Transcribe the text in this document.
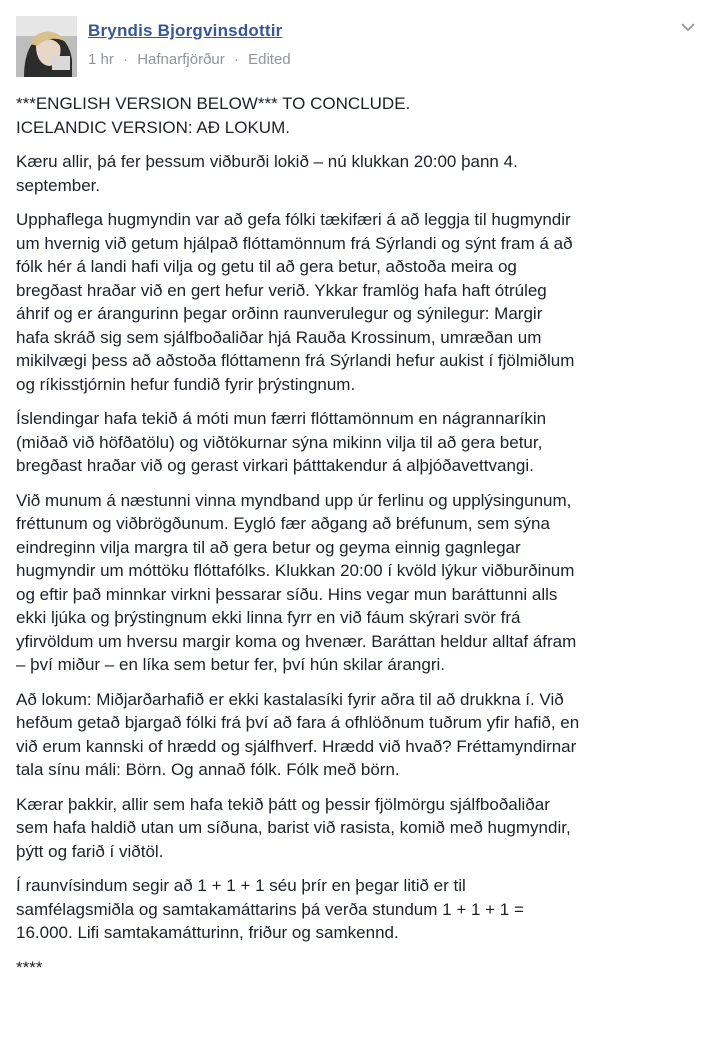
Bryndis Bjorgvinsdottir
1 hr · Hafnarfjörður · Edited

***ENGLISH VERSION BELOW*** TO CONCLUDE.
ICELANDIC VERSION: AÐ LOKUM.

Kæru allir, þá fer þessum viðburði lokið – nú klukkan 20:00 þann 4.
september.

Upphaflega hugmyndin var að gefa fólki tækifæri á að leggja til hugmyndir
um hvernig við getum hjálpað flóttamönnum frá Sýrlandi og sýnt fram á að
fólk hér á landi hafi vilja og getu til að gera betur, aðstoða meira og
bregðast hraðar við en gert hefur verið. Ykkar framlög hafa haft ótrúleg
áhrif og er árangurinn þegar orðinn raunverulegur og sýnilegur: Margir
hafa skráð sig sem sjálfboðaliðar hjá Rauða Krossinum, umræðan um
mikilvægi þess að aðstoða flóttamenn frá Sýrlandi hefur aukist í fjölmiðlum
og ríkisstjórnin hefur fundið fyrir þrýstingnum.

Íslendingar hafa tekið á móti mun færri flóttamönnum en nágrannaríkin
(miðað við höfðatölu) og viðtökurnar sýna mikinn vilja til að gera betur,
bregðast hraðar við og gerast virkari þátttakendur á alþjóðavettvangi.

Við munum á næstunni vinna myndband upp úr ferlinu og upplýsingunum,
fréttunum og viðbrögðunum. Eygló fær aðgang að bréfunum, sem sýna
eindreginn vilja margra til að gera betur og geyma einnig gagnlegar
hugmyndir um móttöku flóttafólks. Klukkan 20:00 í kvöld lýkur viðburðinum
og eftir það minnkar virkni þessarar síðu. Hins vegar mun baráttunni alls
ekki ljúka og þrýstingnum ekki linna fyrr en við fáum skýrari svör frá
yfirvöldum um hversu margir koma og hvenær. Baráttan heldur alltaf áfram
– því miður – en líka sem betur fer, því hún skilar árangri.

Að lokum: Miðjarðarhafið er ekki kastalasíki fyrir aðra til að drukkna í. Við
hefðum getað bjargað fólki frá því að fara á ofhlöðnum tuðrum yfir hafið, en
við erum kannski of hrædd og sjálfhverf. Hrædd við hvað? Fréttamyndirnar
tala sínu máli: Börn. Og annað fólk. Fólk með börn.

Kærar þakkir, allir sem hafa tekið þátt og þessir fjölmörgu sjálfboðaliðar
sem hafa haldið utan um síðuna, barist við rasista, komið með hugmyndir,
þýtt og farið í viðtöl.

Í raunvísindum segir að 1 + 1 + 1 séu þrír en þegar litið er til
samfélagsmiðla og samtakamáttarins þá verða stundum 1 + 1 + 1 =
16.000. Lifi samtakamátturinn, friður og samkennd.

****
